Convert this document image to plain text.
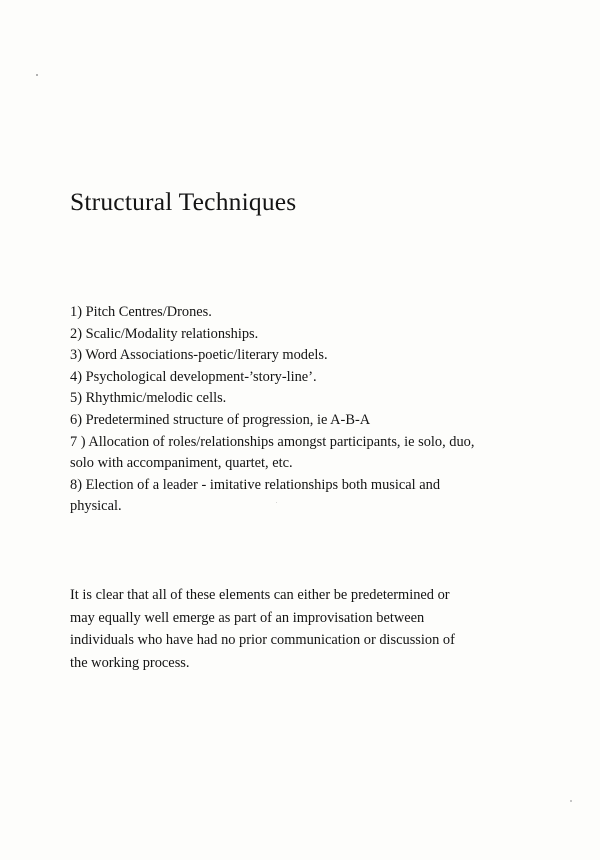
Structural Techniques
1) Pitch Centres/Drones.
2) Scalic/Modality relationships.
3) Word Associations-poetic/literary models.
4) Psychological development-’story-line’.
5) Rhythmic/melodic cells.
6) Predetermined structure of progression, ie A-B-A
7 ) Allocation of roles/relationships amongst participants, ie solo, duo,
solo with accompaniment, quartet, etc.
8) Election of a leader - imitative relationships both musical and
physical.

It is clear that all of these elements can either be predetermined or
may equally well emerge as part of an improvisation between
individuals who have had no prior communication or discussion of
the working process.
